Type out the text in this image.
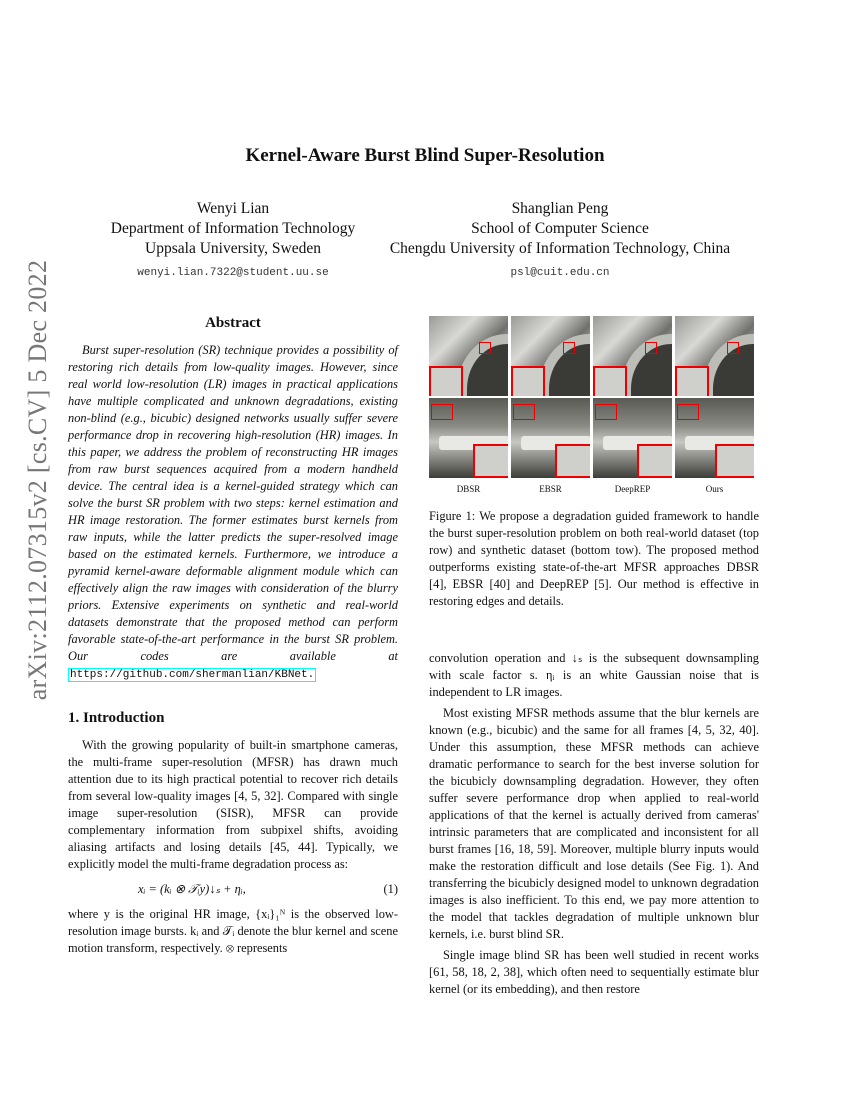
arXiv:2112.07315v2 [cs.CV] 5 Dec 2022
Kernel-Aware Burst Blind Super-Resolution
Wenyi Lian
Department of Information Technology
Uppsala University, Sweden
wenyi.lian.7322@student.uu.se
Shanglian Peng
School of Computer Science
Chengdu University of Information Technology, China
psl@cuit.edu.cn
Abstract

Burst super-resolution (SR) technique provides a possibility of restoring rich details from low-quality images. However, since real world low-resolution (LR) images in practical applications have multiple complicated and unknown degradations, existing non-blind (e.g., bicubic) designed networks usually suffer severe performance drop in recovering high-resolution (HR) images. In this paper, we address the problem of reconstructing HR images from raw burst sequences acquired from a modern handheld device. The central idea is a kernel-guided strategy which can solve the burst SR problem with two steps: kernel estimation and HR image restoration. The former estimates burst kernels from raw inputs, while the latter predicts the super-resolved image based on the estimated kernels. Furthermore, we introduce a pyramid kernel-aware deformable alignment module which can effectively align the raw images with consideration of the blurry priors. Extensive experiments on synthetic and real-world datasets demonstrate that the proposed method can perform favorable state-of-the-art performance in the burst SR problem. Our codes are available at https://github.com/shermanlian/KBNet.

1. Introduction

With the growing popularity of built-in smartphone cameras, the multi-frame super-resolution (MFSR) has drawn much attention due to its high practical potential to recover rich details from several low-quality images [4, 5, 32]. Compared with single image super-resolution (SISR), MFSR can provide complementary information from subpixel shifts, avoiding aliasing artifacts and losing details [45, 44]. Typically, we explicitly model the multi-frame degradation process as:

xᵢ = (kᵢ ⊗ 𝒯ᵢy)↓ₛ + ηᵢ,	(1)

where y is the original HR image, {xᵢ}₁ᴺ is the observed low-resolution image bursts. kᵢ and 𝒯ᵢ denote the blur kernel and scene motion transform, respectively. ⊗ represents

DBSR	EBSR	DeepREP	Ours

Figure 1: We propose a degradation guided framework to handle the burst super-resolution problem on both real-world dataset (top row) and synthetic dataset (bottom tow). The proposed method outperforms existing state-of-the-art MFSR approaches DBSR [4], EBSR [40] and DeepREP [5]. Our method is effective in restoring edges and details.

convolution operation and ↓ₛ is the subsequent downsampling with scale factor s. ηᵢ is an white Gaussian noise that is independent to LR images.

Most existing MFSR methods assume that the blur kernels are known (e.g., bicubic) and the same for all frames [4, 5, 32, 40]. Under this assumption, these MFSR methods can achieve dramatic performance to search for the best inverse solution for the bicubicly downsampling degradation. However, they often suffer severe performance drop when applied to real-world applications of that the kernel is actually derived from cameras' intrinsic parameters that are complicated and inconsistent for all burst frames [16, 18, 59]. Moreover, multiple blurry inputs would make the restoration difficult and lose details (See Fig. 1). And transferring the bicubicly designed model to unknown degradation images is also inefficient. To this end, we pay more attention to the model that tackles degradation of multiple unknown blur kernels, i.e. burst blind SR.

Single image blind SR has been well studied in recent works [61, 58, 18, 2, 38], which often need to sequentially estimate blur kernel (or its embedding), and then restore
